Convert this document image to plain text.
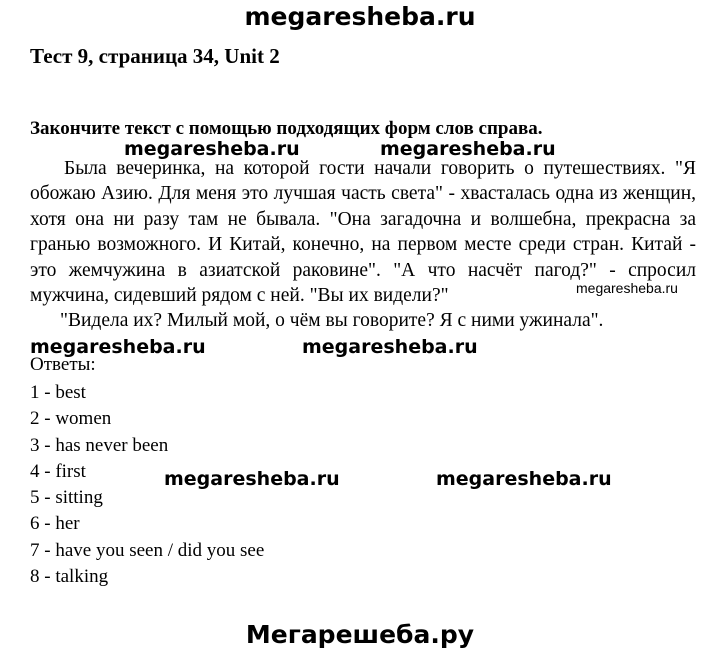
megaresheba.ru
Тест 9, страница 34, Unit 2
Закончите текст с помощью подходящих форм слов справа.

Была вечеринка, на которой гости начали говорить о путешествиях. "Я обожаю Азию. Для меня это лучшая часть света" - хвасталась одна из женщин, хотя она ни разу там не бывала. "Она загадочна и волшебна, прекрасна за гранью возможного. И Китай, конечно, на первом месте среди стран. Китай - это жемчужина в азиатской раковине". "А что насчёт пагод?" - спросил мужчина, сидевший рядом с ней. "Вы их видели?"

"Видела их? Милый мой, о чём вы говорите? Я с ними ужинала".

megaresheba.ru	megaresheba.ru
megaresheba.ru
megaresheba.ru	megaresheba.ru
Ответы:
1 - best
2 - women
3 - has never been
4 - first
5 - sitting
6 - her
7 - have you seen / did you see
8 - talking
megaresheba.ru	megaresheba.ru
Мегарешеба.ру
